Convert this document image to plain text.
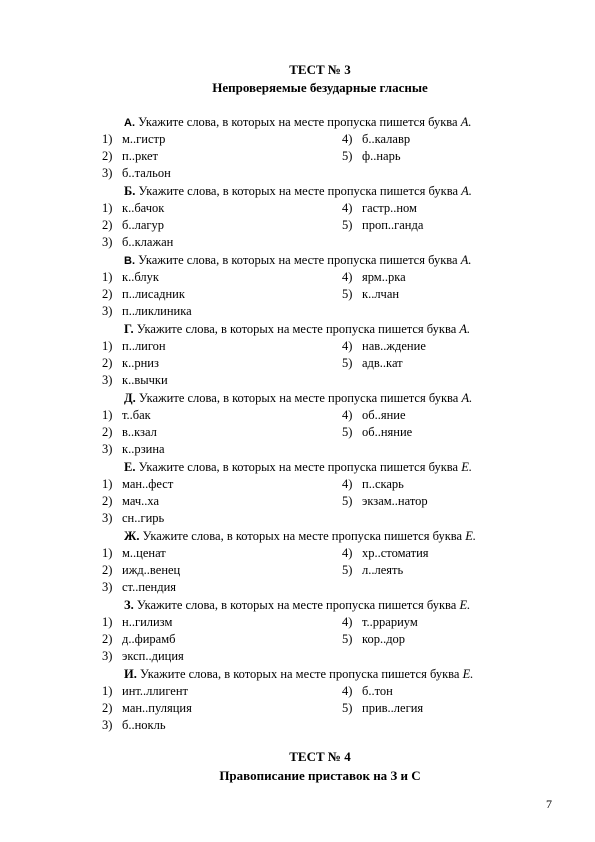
ТЕСТ № 3
Непроверяемые безударные гласные
А. Укажите слова, в которых на месте пропуска пишется буква А.
1) м..гистр
2) п..ркет
3) б..тальон
4) б..калавр
5) ф..нарь
Б. Укажите слова, в которых на месте пропуска пишется буква А.
1) к..бачок
2) б..лагур
3) б..клажан
4) гастр..ном
5) проп..ганда
В. Укажите слова, в которых на месте пропуска пишется буква А.
1) к..блук
2) п..лисадник
3) п..ликлиника
4) ярм..рка
5) к..лчан
Г. Укажите слова, в которых на месте пропуска пишется буква А.
1) п..лигон
2) к..рниз
3) к..вычки
4) нав..ждение
5) адв..кат
Д. Укажите слова, в которых на месте пропуска пишется буква А.
1) т..бак
2) в..кзал
3) к..рзина
4) об..яние
5) об..няние
Е. Укажите слова, в которых на месте пропуска пишется буква Е.
1) ман..фест
2) мач..ха
3) сн..гирь
4) п..скарь
5) экзам..натор
Ж. Укажите слова, в которых на месте пропуска пишется буква Е.
1) м..ценат
2) ижд..венец
3) ст..пендия
4) хр..стоматия
5) л..леять
З. Укажите слова, в которых на месте пропуска пишется буква Е.
1) н..гилизм
2) д..фирамб
3) эксп..диция
4) т..ррариум
5) кор..дор
И. Укажите слова, в которых на месте пропуска пишется буква Е.
1) инт..ллигент
2) ман..пуляция
3) б..нокль
4) б..тон
5) прив..легия
ТЕСТ № 4
Правописание приставок на З и С
7
